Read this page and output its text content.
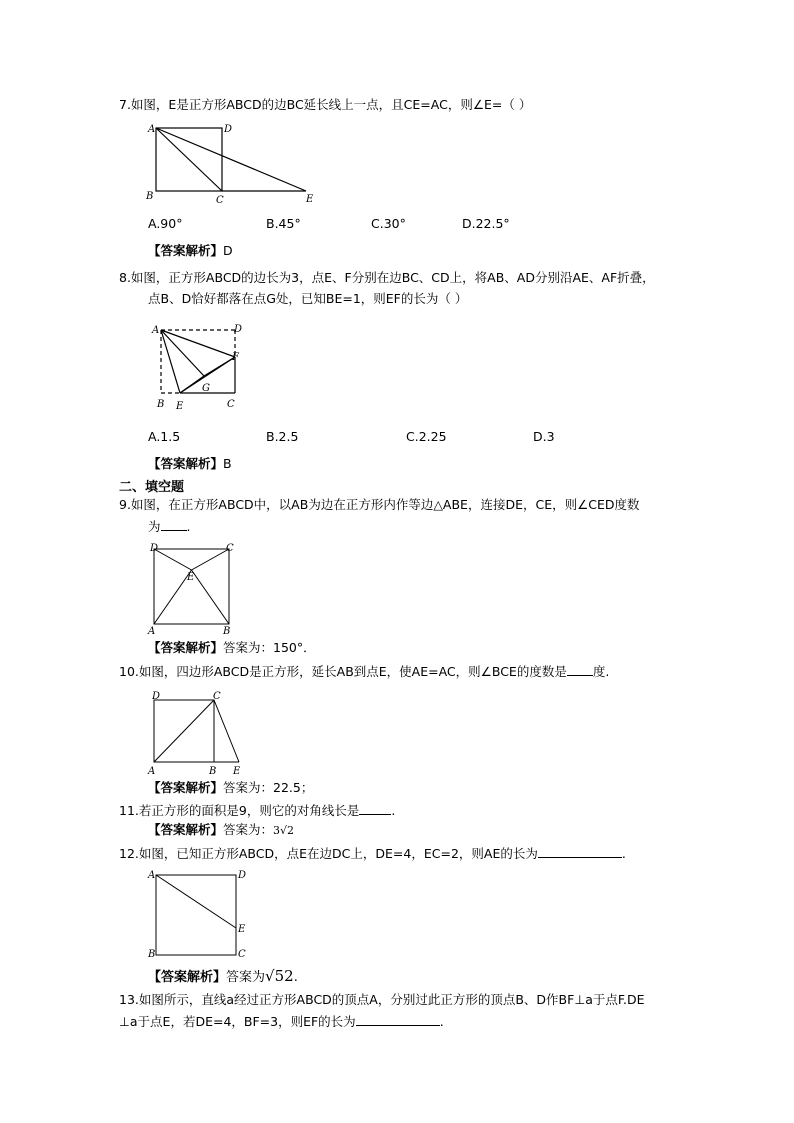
7.如图，E是正方形ABCD的边BC延长线上一点，且CE=AC，则∠E=（ ）
A	D
B	C	E
A.90°	B.45°	C.30°	D.22.5°
【答案解析】D
8.如图，正方形ABCD的边长为3，点E、F分别在边BC、CD上，将AB、AD分别沿AE、AF折叠，
点B、D恰好都落在点G处，已知BE=1，则EF的长为（ ）
A	D
F
G
B E	C
A.1.5	B.2.5	C.2.25	D.3
【答案解析】B
二、填空题
9.如图，在正方形ABCD中，以AB为边在正方形内作等边△ABE，连接DE，CE，则∠CED度数
为 .
D	C
E
A	B
【答案解析】答案为：150°．
10.如图，四边形ABCD是正方形，延长AB到点E，使AE=AC，则∠BCE的度数是 度.
D	C
A	B E
【答案解析】答案为：22.5；
11.若正方形的面积是9，则它的对角线长是	.
【答案解析】答案为：3√2
12.如图，已知正方形ABCD，点E在边DC上，DE=4，EC=2，则AE的长为	.
A	D
E
B	C
【答案解析】答案为√52.
13.如图所示，直线a经过正方形ABCD的顶点A，分别过此正方形的顶点B、D作BF⊥a于点F.DE
⊥a于点E，若DE=4，BF=3，则EF的长为	.
